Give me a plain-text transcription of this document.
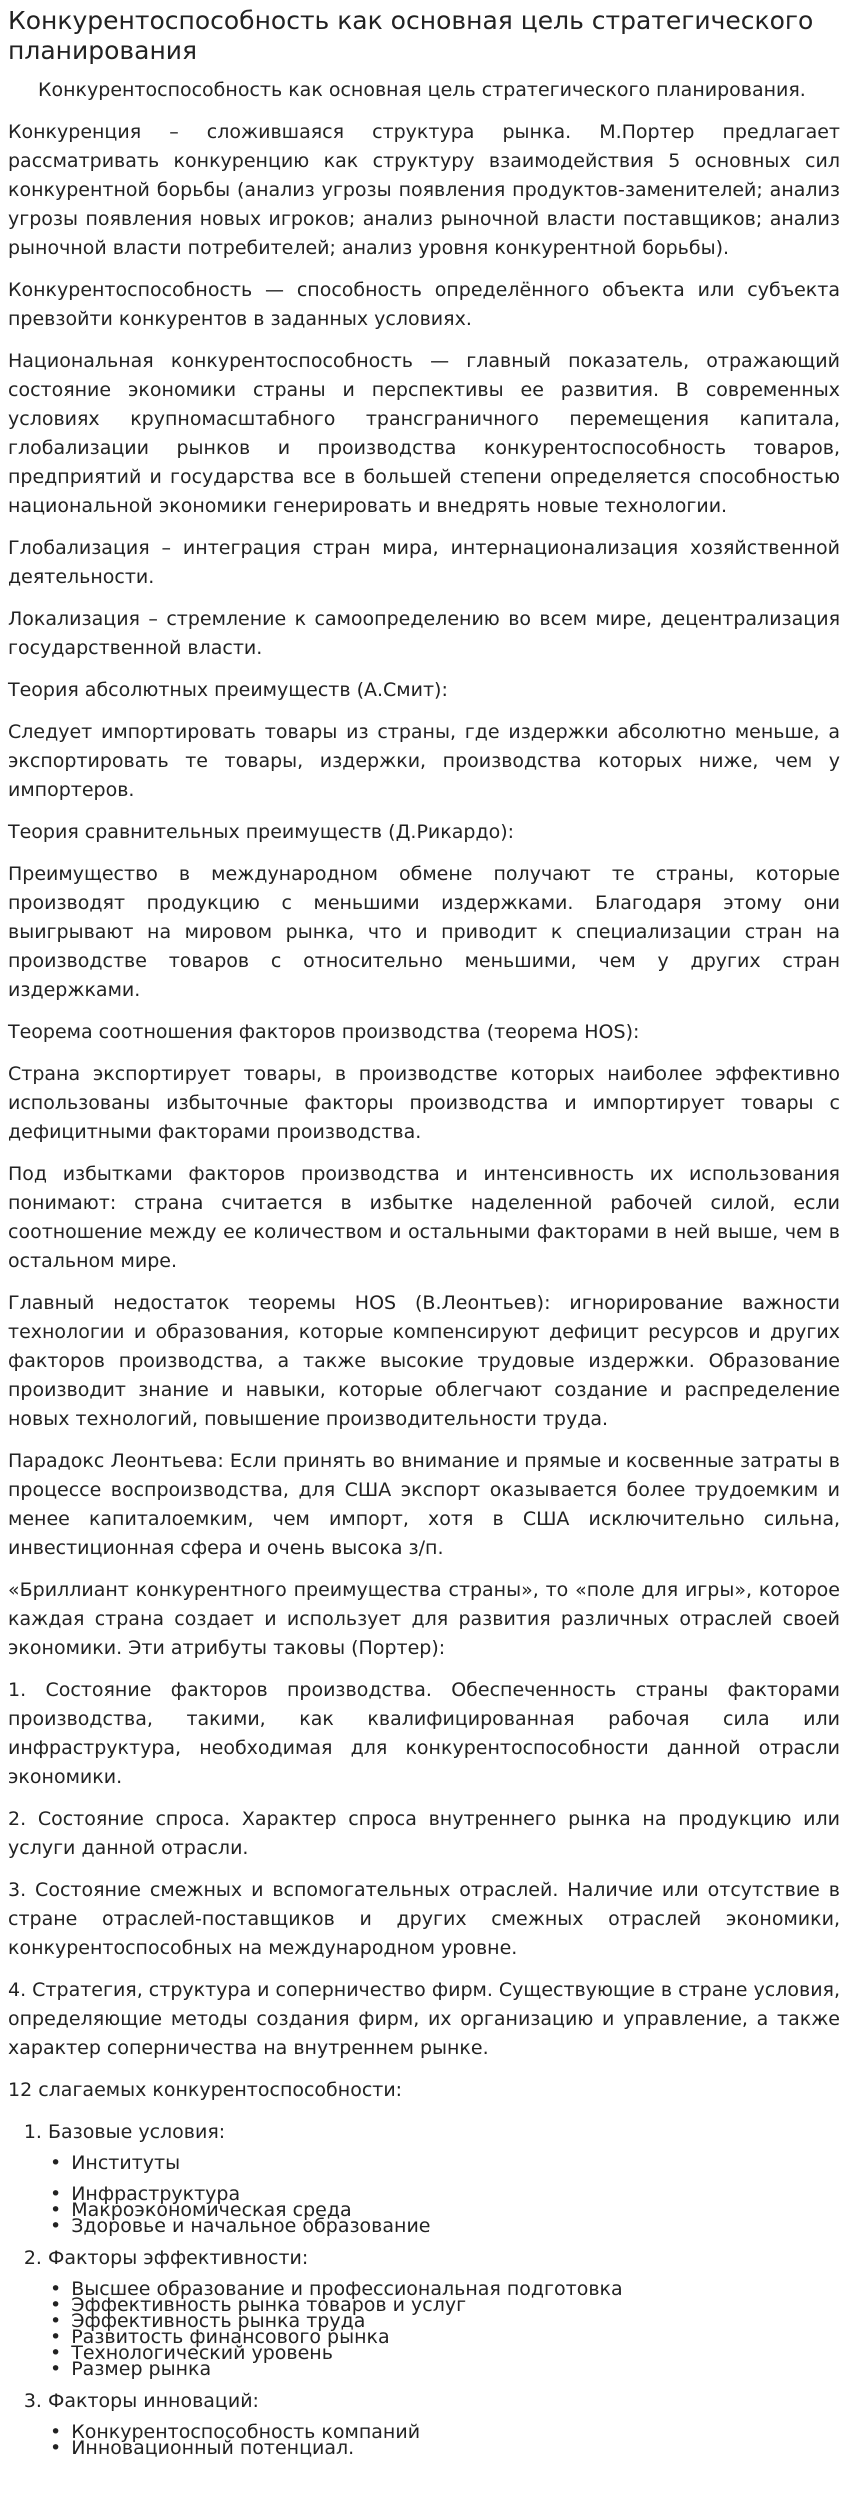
Конкурентоспособность как основная цель стратегического планирования

Конкурентоспособность как основная цель стратегического планирования.

Конкуренция – сложившаяся структура рынка. М.Портер предлагает рассматривать конкуренцию как структуру взаимодействия 5 основных сил конкурентной борьбы (анализ угрозы появления продуктов-заменителей; анализ угрозы появления новых игроков; анализ рыночной власти поставщиков; анализ рыночной власти потребителей; анализ уровня конкурентной борьбы).

Конкурентоспособность — способность определённого объекта или субъекта превзойти конкурентов в заданных условиях.

Национальная конкурентоспособность — главный показатель, отражающий состояние экономики страны и перспективы ее развития. В современных условиях крупномасштабного трансграничного перемещения капитала, глобализации рынков и производства конкурентоспособность товаров, предприятий и государства все в большей степени определяется способностью национальной экономики генерировать и внедрять новые технологии.

Глобализация – интеграция стран мира, интернационализация хозяйственной деятельности.

Локализация – стремление к самоопределению во всем мире, децентрализация государственной власти.

Теория абсолютных преимуществ (А.Смит):

Следует импортировать товары из страны, где издержки абсолютно меньше, а экспортировать те товары, издержки, производства которых ниже, чем у импортеров.

Теория сравнительных преимуществ (Д.Рикардо):

Преимущество в международном обмене получают те страны, которые производят продукцию с меньшими издержками. Благодаря этому они выигрывают на мировом рынка, что и приводит к специализации стран на производстве товаров с относительно меньшими, чем у других стран издержками.

Теорема соотношения факторов производства (теорема HOS):

Страна экспортирует товары, в производстве которых наиболее эффективно использованы избыточные факторы производства и импортирует товары с дефицитными факторами производства.

Под избытками факторов производства и интенсивность их использования понимают: страна считается в избытке наделенной рабочей силой, если соотношение между ее количеством и остальными факторами в ней выше, чем в остальном мире.

Главный недостаток теоремы HOS (В.Леонтьев): игнорирование важности технологии и образования, которые компенсируют дефицит ресурсов и других факторов производства, а также высокие трудовые издержки. Образование производит знание и навыки, которые облегчают создание и распределение новых технологий, повышение производительности труда.

Парадокс Леонтьева: Если принять во внимание и прямые и косвенные затраты в процессе воспроизводства, для США экспорт оказывается более трудоемким и менее капиталоемким, чем импорт, хотя в США исключительно сильна, инвестиционная сфера и очень высока з/п.

«Бриллиант конкурентного преимущества страны», то «поле для игры», которое каждая страна создает и использует для развития различных отраслей своей экономики. Эти атрибуты таковы (Портер):

1. Состояние факторов производства. Обеспеченность страны факторами производства, такими, как квалифицированная рабочая сила или инфраструктура, необходимая для конкурентоспособности данной отрасли экономики.

2. Состояние спроса. Характер спроса внутреннего рынка на продукцию или услуги данной отрасли.

3. Состояние смежных и вспомогательных отраслей. Наличие или отсутствие в стране отраслей-поставщиков и других смежных отраслей экономики, конкурентоспособных на международном уровне.

4. Стратегия, структура и соперничество фирм. Существующие в стране условия, определяющие методы создания фирм, их организацию и управление, а также характер соперничества на внутреннем рынке.

12 слагаемых конкурентоспособности:

1. Базовые условия:
• Институты
• Инфраструктура
• Макроэкономическая среда
• Здоровье и начальное образование
2. Факторы эффективности:
• Высшее образование и профессиональная подготовка
• Эффективность рынка товаров и услуг
• Эффективность рынка труда
• Развитость финансового рынка
• Технологический уровень
• Размер рынка
3. Факторы инноваций:
• Конкурентоспособность компаний
• Инновационный потенциал.
